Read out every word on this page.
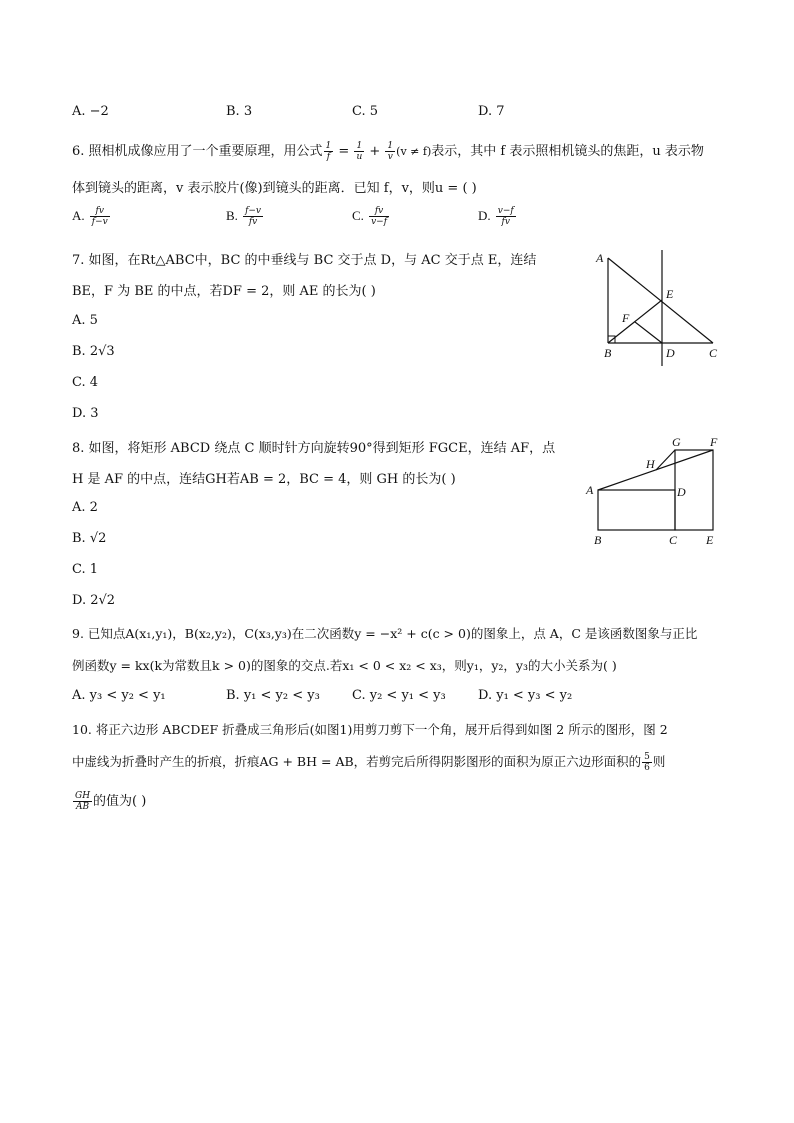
A. −2	B. 3	C. 5	D. 7
6. 照相机成像应用了一个重要原理，用公式 $\frac{1}{f} = \frac{1}{u} + \frac{1}{v} (v \ne f)$表示，其中 f 表示照相机镜头的焦距，u 表示物
体到镜头的距离，v 表示胶片(像)到镜头的距离．已知 f，v，则u = ( )
A. $\frac{fv}{f-v}$	B. $\frac{f-v}{fv}$	C. $\frac{fv}{v-f}$	D. $\frac{v-f}{fv}$
7. 如图，在Rt△ABC中，BC 的中垂线与 BC 交于点 D，与 AC 交于点 E，连结
BE，F 为 BE 的中点，若DF = 2，则 AE 的长为( )
A. 5
B. 2√3
C. 4
D. 3
A
B	C
D
E
F
8. 如图，将矩形 ABCD 绕点 C 顺时针方向旋转90°得到矩形 FGCE，连结 AF，点
H 是 AF 的中点，连结GH若AB = 2，BC = 4，则 GH 的长为( )
A. 2
B. √2
C. 1
D. 2√2
A
B	C
D
E
F
G
H
9. 已知点A(x₁,y₁)，B(x₂,y₂)，C(x₃,y₃)在二次函数y = −x² + c(c > 0)的图象上，点 A，C 是该函数图象与正比
例函数y = kx(k为常数且k > 0)的图象的交点.若x₁ < 0 < x₂ < x₃，则y₁，y₂，y₃的大小关系为( )
A. y₃ < y₂ < y₁	B. y₁ < y₂ < y₃ C. y₂ < y₁ < y₃ D. y₁ < y₃ < y₂
10. 将正六边形 ABCDEF 折叠成三角形后(如图1)用剪刀剪下一个角，展开后得到如图 2 所示的图形，图 2
中虚线为折叠时产生的折痕，折痕AG + BH = AB，若剪完后所得阴影图形的面积为原正六边形面积的 $\frac{5}{6}$ 则
$\frac{GH}{AB}$ 的值为( )
